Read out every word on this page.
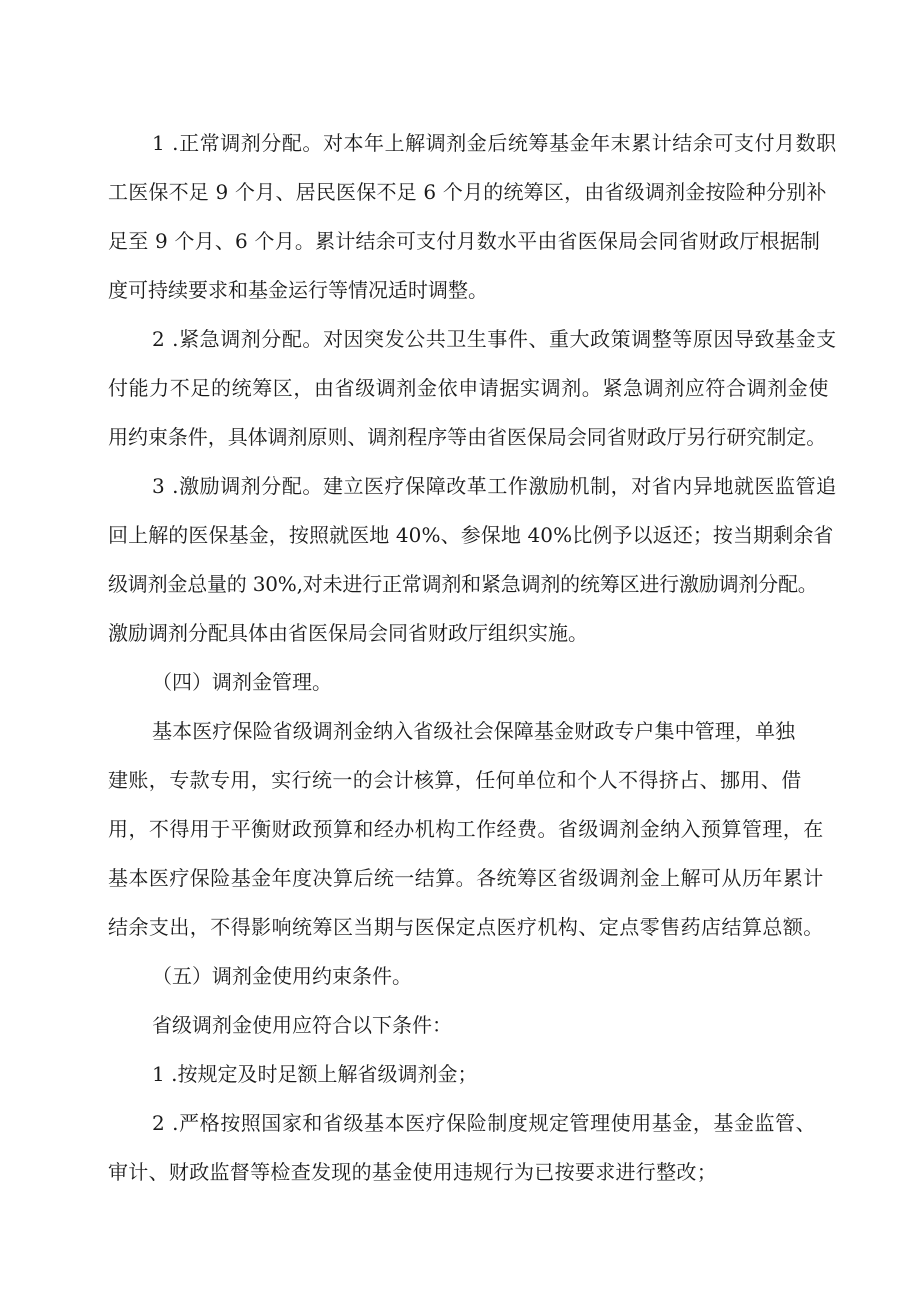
1 .正常调剂分配。对本年上解调剂金后统筹基金年末累计结余可支付月数职
工医保不足 9 个月、居民医保不足 6 个月的统筹区，由省级调剂金按险种分别补
足至 9 个月、6 个月。累计结余可支付月数水平由省医保局会同省财政厅根据制
度可持续要求和基金运行等情况适时调整。
2 .紧急调剂分配。对因突发公共卫生事件、重大政策调整等原因导致基金支
付能力不足的统筹区，由省级调剂金依申请据实调剂。紧急调剂应符合调剂金使
用约束条件，具体调剂原则、调剂程序等由省医保局会同省财政厅另行研究制定。
3 .激励调剂分配。建立医疗保障改革工作激励机制，对省内异地就医监管追
回上解的医保基金，按照就医地 40%、参保地 40%比例予以返还；按当期剩余省
级调剂金总量的 30%,对未进行正常调剂和紧急调剂的统筹区进行激励调剂分配。
激励调剂分配具体由省医保局会同省财政厅组织实施。
（四）调剂金管理。
基本医疗保险省级调剂金纳入省级社会保障基金财政专户集中管理，单独
建账，专款专用，实行统一的会计核算，任何单位和个人不得挤占、挪用、借
用，不得用于平衡财政预算和经办机构工作经费。省级调剂金纳入预算管理，在
基本医疗保险基金年度决算后统一结算。各统筹区省级调剂金上解可从历年累计
结余支出，不得影响统筹区当期与医保定点医疗机构、定点零售药店结算总额。
（五）调剂金使用约束条件。
省级调剂金使用应符合以下条件：
1 .按规定及时足额上解省级调剂金；
2 .严格按照国家和省级基本医疗保险制度规定管理使用基金，基金监管、
审计、财政监督等检查发现的基金使用违规行为已按要求进行整改；
